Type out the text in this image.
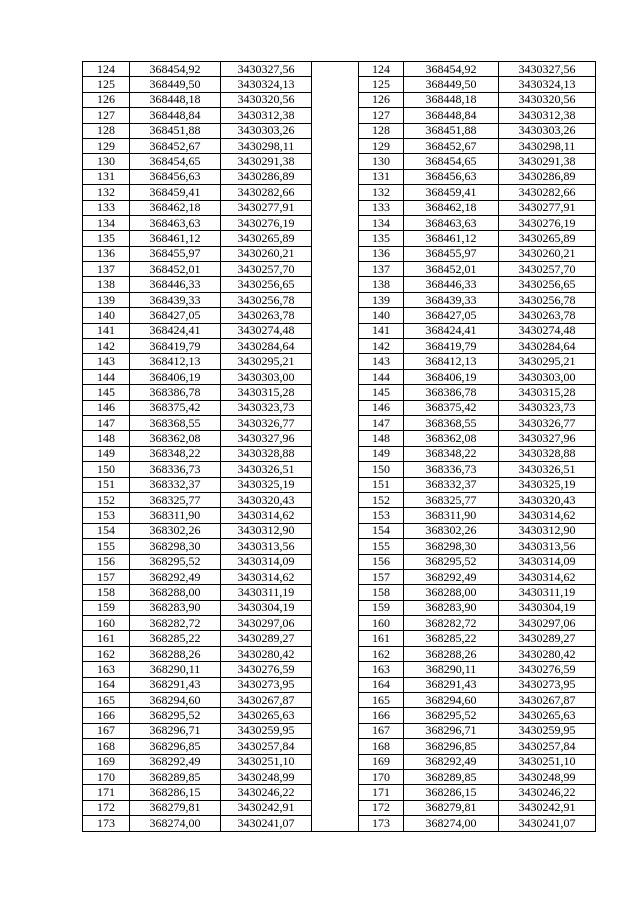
124	368454,92	3430327,56		124	368454,92	3430327,56
125	368449,50	3430324,13		125	368449,50	3430324,13
126	368448,18	3430320,56		126	368448,18	3430320,56
127	368448,84	3430312,38		127	368448,84	3430312,38
128	368451,88	3430303,26		128	368451,88	3430303,26
129	368452,67	3430298,11		129	368452,67	3430298,11
130	368454,65	3430291,38		130	368454,65	3430291,38
131	368456,63	3430286,89		131	368456,63	3430286,89
132	368459,41	3430282,66		132	368459,41	3430282,66
133	368462,18	3430277,91		133	368462,18	3430277,91
134	368463,63	3430276,19		134	368463,63	3430276,19
135	368461,12	3430265,89		135	368461,12	3430265,89
136	368455,97	3430260,21		136	368455,97	3430260,21
137	368452,01	3430257,70		137	368452,01	3430257,70
138	368446,33	3430256,65		138	368446,33	3430256,65
139	368439,33	3430256,78		139	368439,33	3430256,78
140	368427,05	3430263,78		140	368427,05	3430263,78
141	368424,41	3430274,48		141	368424,41	3430274,48
142	368419,79	3430284,64		142	368419,79	3430284,64
143	368412,13	3430295,21		143	368412,13	3430295,21
144	368406,19	3430303,00		144	368406,19	3430303,00
145	368386,78	3430315,28		145	368386,78	3430315,28
146	368375,42	3430323,73		146	368375,42	3430323,73
147	368368,55	3430326,77		147	368368,55	3430326,77
148	368362,08	3430327,96		148	368362,08	3430327,96
149	368348,22	3430328,88		149	368348,22	3430328,88
150	368336,73	3430326,51		150	368336,73	3430326,51
151	368332,37	3430325,19		151	368332,37	3430325,19
152	368325,77	3430320,43		152	368325,77	3430320,43
153	368311,90	3430314,62		153	368311,90	3430314,62
154	368302,26	3430312,90		154	368302,26	3430312,90
155	368298,30	3430313,56		155	368298,30	3430313,56
156	368295,52	3430314,09		156	368295,52	3430314,09
157	368292,49	3430314,62		157	368292,49	3430314,62
158	368288,00	3430311,19		158	368288,00	3430311,19
159	368283,90	3430304,19		159	368283,90	3430304,19
160	368282,72	3430297,06		160	368282,72	3430297,06
161	368285,22	3430289,27		161	368285,22	3430289,27
162	368288,26	3430280,42		162	368288,26	3430280,42
163	368290,11	3430276,59		163	368290,11	3430276,59
164	368291,43	3430273,95		164	368291,43	3430273,95
165	368294,60	3430267,87		165	368294,60	3430267,87
166	368295,52	3430265,63		166	368295,52	3430265,63
167	368296,71	3430259,95		167	368296,71	3430259,95
168	368296,85	3430257,84		168	368296,85	3430257,84
169	368292,49	3430251,10		169	368292,49	3430251,10
170	368289,85	3430248,99		170	368289,85	3430248,99
171	368286,15	3430246,22		171	368286,15	3430246,22
172	368279,81	3430242,91		172	368279,81	3430242,91
173	368274,00	3430241,07		173	368274,00	3430241,07
